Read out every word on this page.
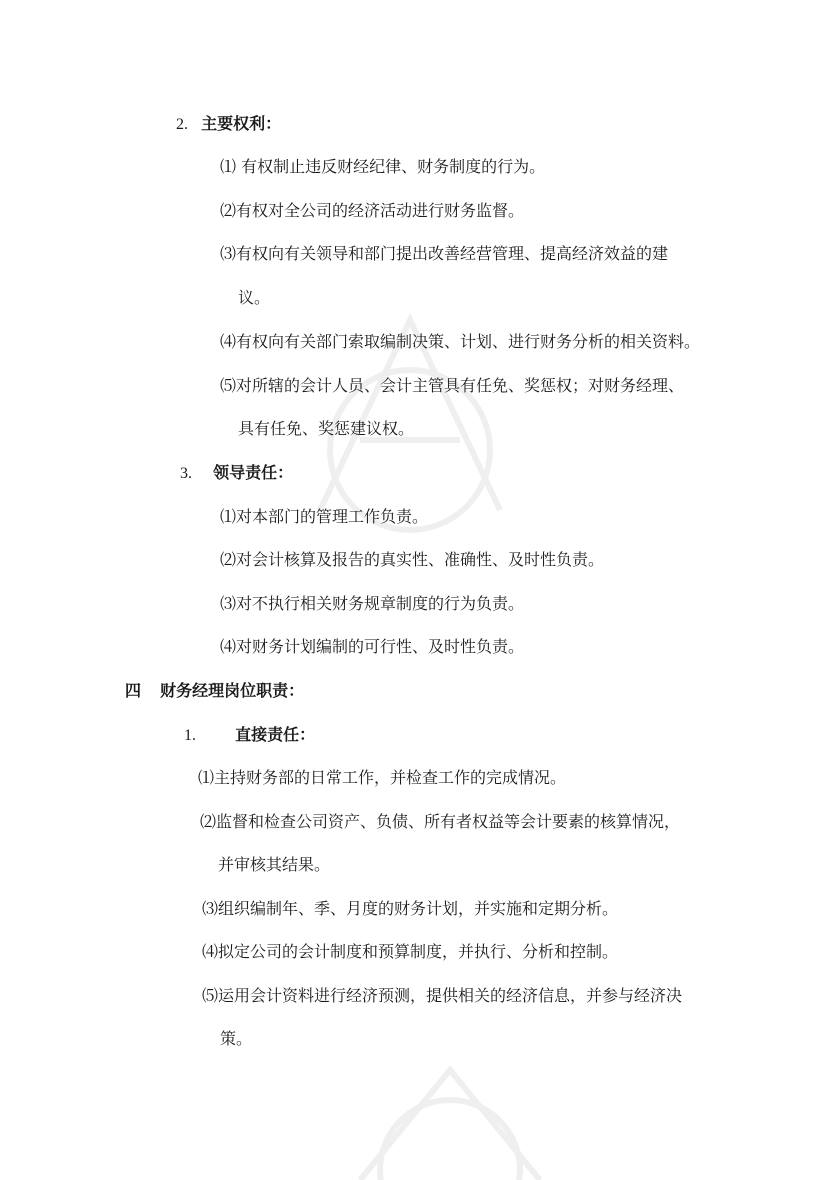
2. 主要权利：
⑴ 有权制止违反财经纪律、财务制度的行为。
⑵有权对全公司的经济活动进行财务监督。
⑶有权向有关领导和部门提出改善经营管理、提高经济效益的建
议。
⑷有权向有关部门索取编制决策、计划、进行财务分析的相关资料。
⑸对所辖的会计人员、会计主管具有任免、奖惩权；对财务经理、
具有任免、奖惩建议权。
3. 领导责任：
⑴对本部门的管理工作负责。
⑵对会计核算及报告的真实性、准确性、及时性负责。
⑶对不执行相关财务规章制度的行为负责。
⑷对财务计划编制的可行性、及时性负责。
四 财务经理岗位职责：
1. 直接责任：
⑴主持财务部的日常工作，并检查工作的完成情况。
⑵监督和检查公司资产、负债、所有者权益等会计要素的核算情况，
并审核其结果。
⑶组织编制年、季、月度的财务计划，并实施和定期分析。
⑷拟定公司的会计制度和预算制度，并执行、分析和控制。
⑸运用会计资料进行经济预测，提供相关的经济信息，并参与经济决
策。
